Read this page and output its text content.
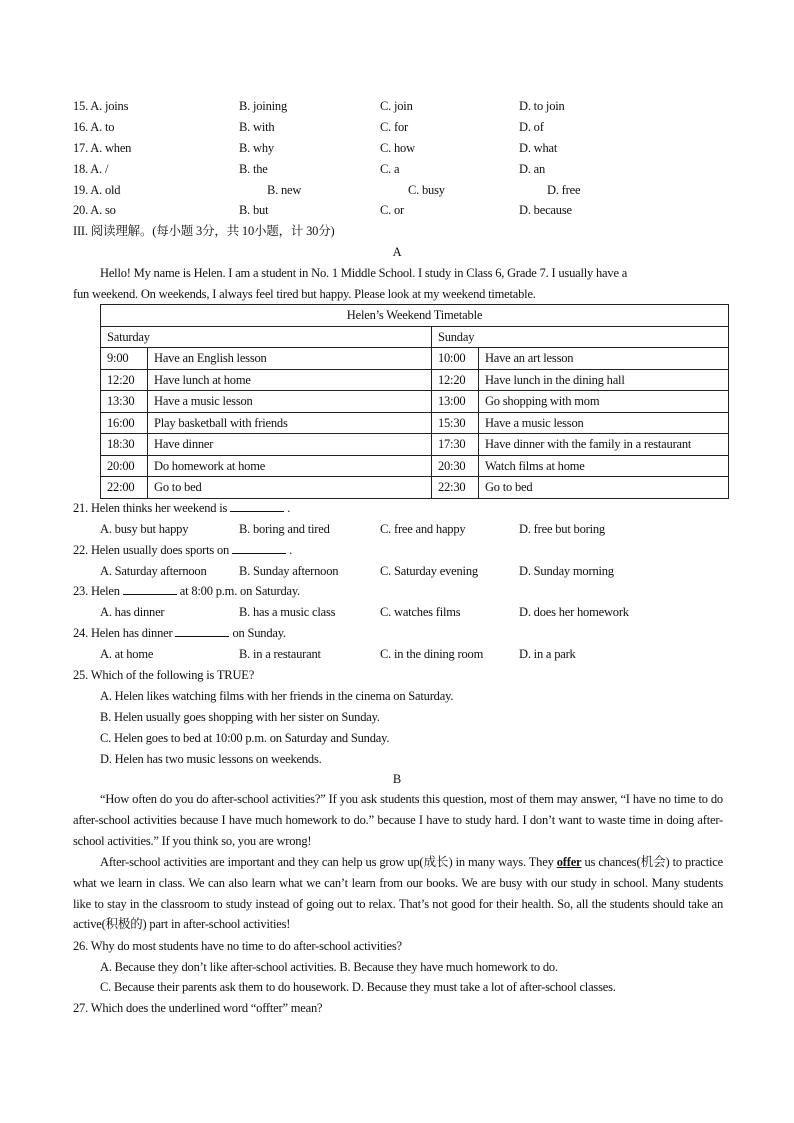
15. A. joins	B. joining	C. join	D. to join
16. A. to	B. with	C. for	D. of
17. A. when	B. why	C. how	D. what
18. A. /	B. the	C. a	D. an
19. A. old	B. new	C. busy	D. free
20. A. so	B. but	C. or	D. because
III. 阅读理解。(每小题 3分，共 10小题，计 30分)
A
Hello! My name is Helen. I am a student in No. 1 Middle School. I study in Class 6, Grade 7. I usually have a
fun weekend. On weekends, I always feel tired but happy. Please look at my weekend timetable.
Helen’s Weekend Timetable			
Saturday		Sunday	
9:00	Have an English lesson	10:00	Have an art lesson
12:20	Have lunch at home	12:20	Have lunch in the dining hall
13:30	Have a music lesson	13:00	Go shopping with mom
16:00	Play basketball with friends	15:30	Have a music lesson
18:30	Have dinner	17:30	Have dinner with the family in a restaurant
20:00	Do homework at home	20:30	Watch films at home
22:00	Go to bed	22:30	Go to bed
21. Helen thinks her weekend is	.
A. busy but happy	B. boring and tired	C. free and happy	D. free but boring
22. Helen usually does sports on	.
A. Saturday afternoon	B. Sunday afternoon	C. Saturday evening	D. Sunday morning
23. Helen	at 8:00 p.m. on Saturday.
A. has dinner	B. has a music class	C. watches films	D. does her homework
24. Helen has dinner	on Sunday.
A. at home	B. in a restaurant	C. in the dining room	D. in a park
25. Which of the following is TRUE?
A. Helen likes watching films with her friends in the cinema on Saturday.
B. Helen usually goes shopping with her sister on Sunday.
C. Helen goes to bed at 10:00 p.m. on Saturday and Sunday.
D. Helen has two music lessons on weekends.
B
“How often do you do after-school activities?” If you ask students this question, most of them may answer, “I have no time to do after-school activities because I have much homework to do.” because I have to study hard. I don’t want to waste time in doing after-school activities.” If you think so, you are wrong!
After-school activities are important and they can help us grow up(成长) in many ways. They offer us chances(机会) to practice what we learn in class. We can also learn what we can’t learn from our books. We are busy with our study in school. Many students like to stay in the classroom to study instead of going out to relax. That’s not good for their health. So, all the students should take an active(积极的) part in after-school activities!
26. Why do most students have no time to do after-school activities?
A. Because they don’t like after-school activities. B. Because they have much homework to do.
C. Because their parents ask them to do housework. D. Because they must take a lot of after-school classes.
27. Which does the underlined word “offter” mean?
